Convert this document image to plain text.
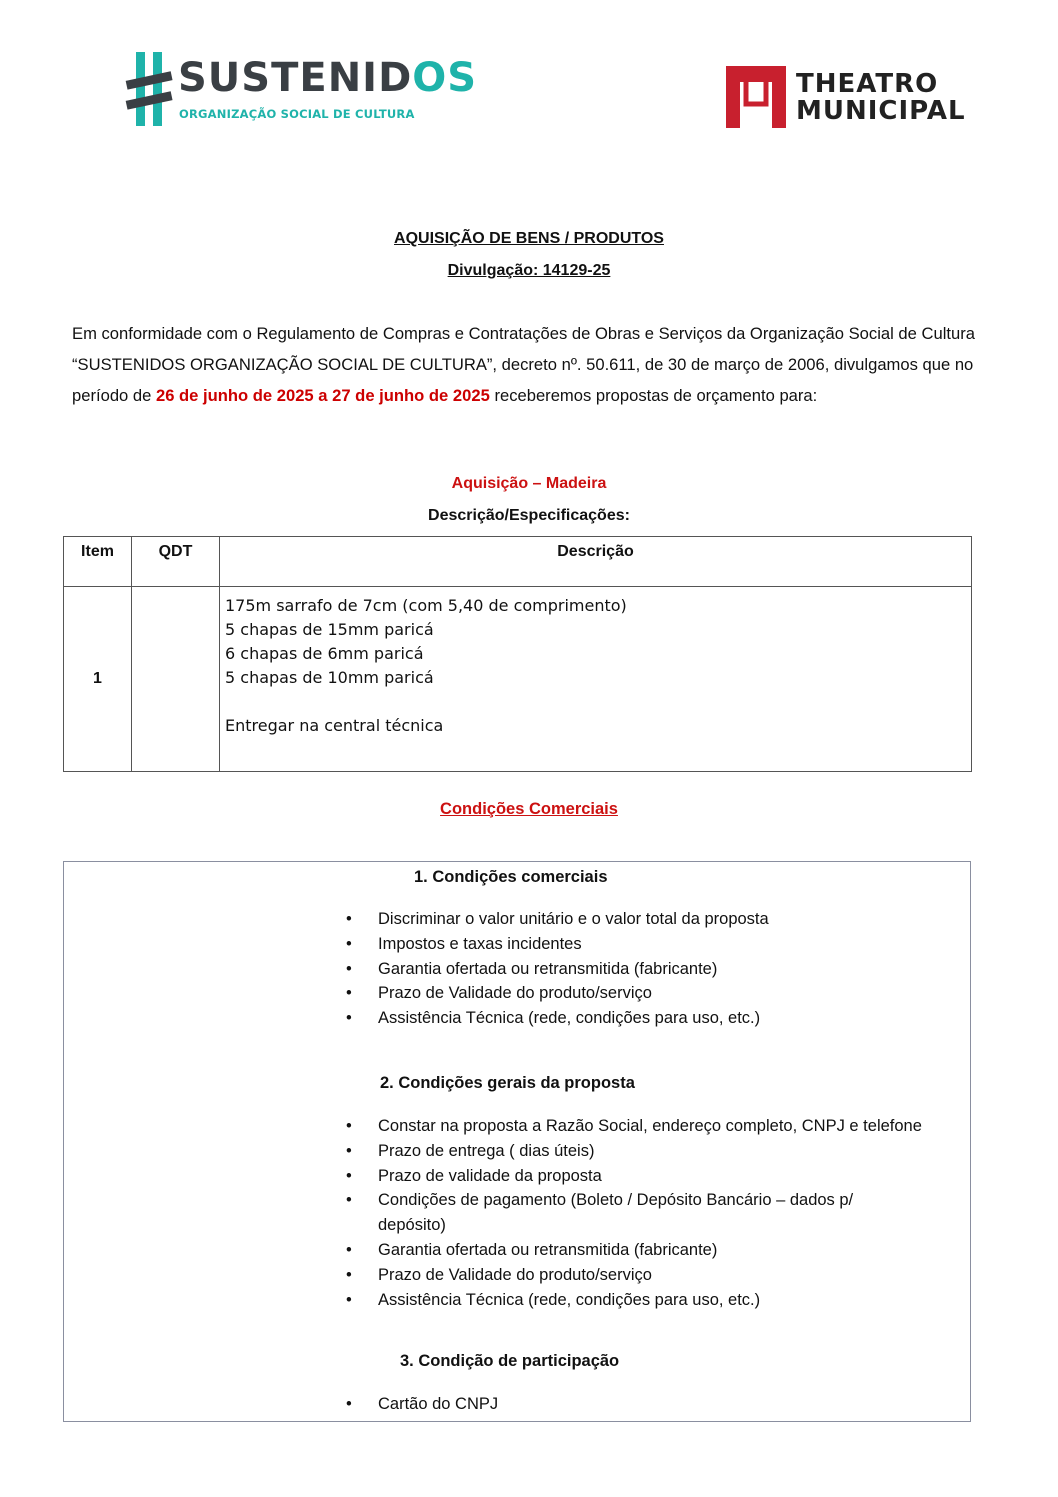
SUSTENIDOS
ORGANIZAÇÃO SOCIAL DE CULTURA
THEATRO
MUNICIPAL
AQUISIÇÃO DE BENS / PRODUTOS
Divulgação: 14129-25
Em conformidade com o Regulamento de Compras e Contratações de Obras e Serviços da Organização Social de Cultura “SUSTENIDOS ORGANIZAÇÃO SOCIAL DE CULTURA”, decreto nº. 50.611, de 30 de março de 2006, divulgamos que no período de 26 de junho de 2025 a 27 de junho de 2025 receberemos propostas de orçamento para:
Aquisição – Madeira
Descrição/Especificações:
Item	QDT	Descrição
1		175m sarrafo de 7cm (com 5,40 de comprimento)
5 chapas de 15mm paricá
6 chapas de 6mm paricá
5 chapas de 10mm paricá
Entregar na central técnica
Condições Comerciais
1. Condições comerciais
• Discriminar o valor unitário e o valor total da proposta
• Impostos e taxas incidentes
• Garantia ofertada ou retransmitida (fabricante)
• Prazo de Validade do produto/serviço
• Assistência Técnica (rede, condições para uso, etc.)
2. Condições gerais da proposta
• Constar na proposta a Razão Social, endereço completo, CNPJ e telefone
• Prazo de entrega ( dias úteis)
• Prazo de validade da proposta
• Condições de pagamento (Boleto / Depósito Bancário – dados p/ depósito)
• Garantia ofertada ou retransmitida (fabricante)
• Prazo de Validade do produto/serviço
• Assistência Técnica (rede, condições para uso, etc.)
3. Condição de participação
• Cartão do CNPJ
